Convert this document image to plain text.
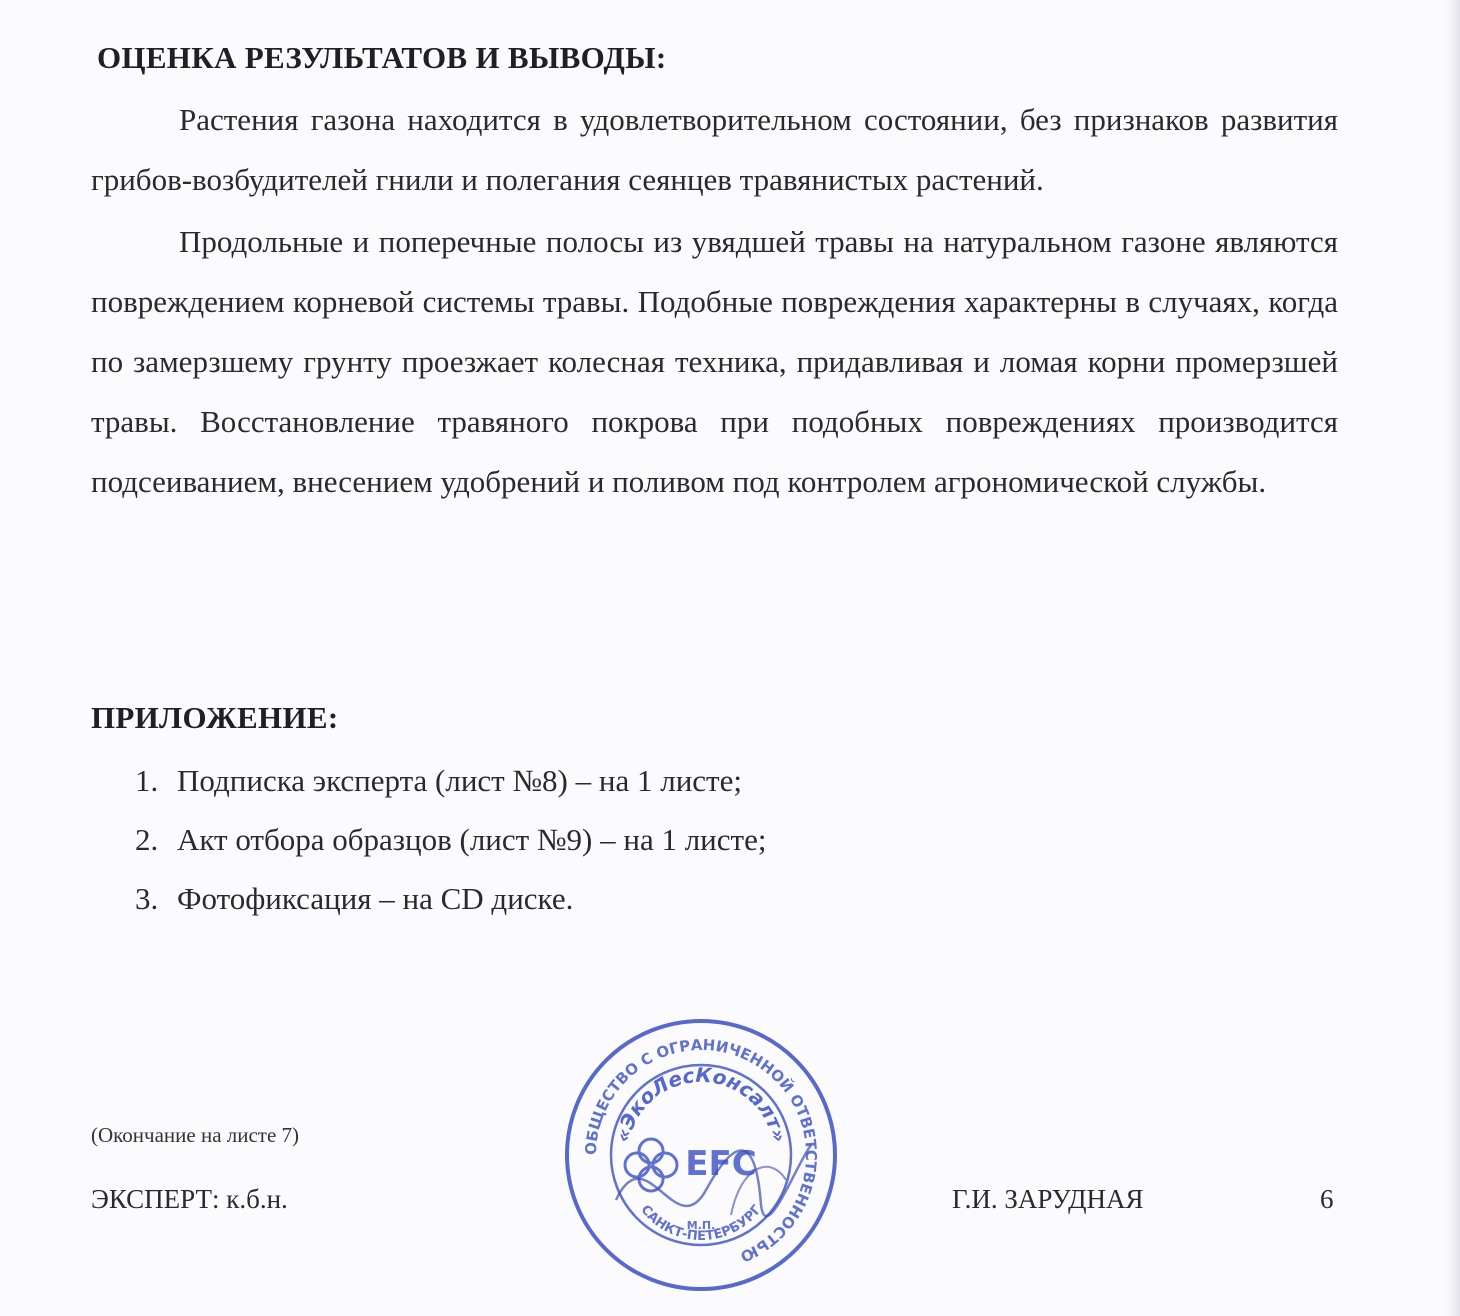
ОЦЕНКА РЕЗУЛЬТАТОВ И ВЫВОДЫ:

Растения газона находится в удовлетворительном состоянии, без признаков развития грибов-возбудителей гнили и полегания сеянцев травянистых растений.

Продольные и поперечные полосы из увядшей травы на натуральном газоне являются повреждением корневой системы травы. Подобные повреждения характерны в случаях, когда по замерзшему грунту проезжает колесная техника, придавливая и ломая корни промерзшей травы. Восстановление травяного покрова при подобных повреждениях производится подсеиванием, внесением удобрений и поливом под контролем агрономической службы.

ПРИЛОЖЕНИЕ:
1. Подписка эксперта (лист №8) – на 1 листе;
2. Акт отбора образцов (лист №9) – на 1 листе;
3. Фотофиксация – на CD диске.
(Окончание на листе 7)
ЭКСПЕРТ: к.б.н.	Г.И. ЗАРУДНАЯ	6
ОБЩЕСТВО С ОГРАНИЧЕННОЙ ОТВЕТСТВЕННОСТЬЮ
«ЭкоЛесКонсалт»
EFC
М.П.
САНКТ-ПЕТЕРБУРГ
